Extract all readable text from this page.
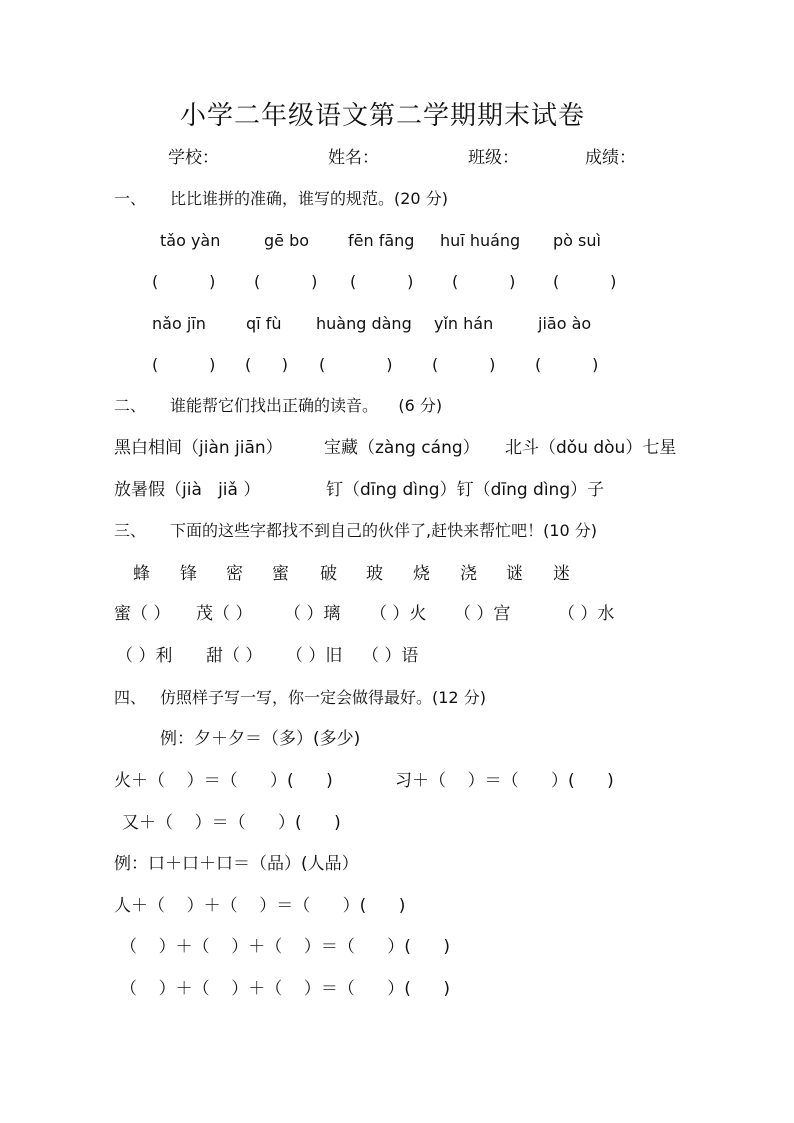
小学二年级语文第二学期期末试卷
学校：	姓名：	班级：	成绩：
一、 比比谁拼的准确，谁写的规范。(20 分)
tǎo yàn	gē bo fēn fāng huī huáng pò suì
(          ) (          ) (          ) (          ) (          )
nǎo jīn	qī fù huàng dàng yǐn hán	jiāo ào
(          ) (      ) (            ) (          ) (          )
二、 谁能帮它们找出正确的读音。    (6 分)
黑白相间（jiàn jiān） 宝藏（zàng cáng） 北斗（dǒu dòu）七星
放暑假（jià   jiǎ ）	钉（dīng dìng）钉（dīng dìng）子
三、 下面的这些字都找不到自己的伙伴了,赶快来帮忙吧！(10 分)
蜂 锋 密 蜜 破 玻 烧 浇 谜 迷
蜜（ ） 茂（ ） （ ）璃 （ ）火 （ ）宫	（ ）水
（ ）利 甜（ ） （ ）旧 （ ）语
四、 仿照样子写一写，你一定会做得最好。(12 分)
例：夕＋夕＝（多）(多少)
火＋（    ）＝（      ）(      )	习＋（    ）＝（      ）(      )
又＋（    ）＝（      ）(      )
例：口＋口＋口＝（品）(人品）
人＋（    ）＋（    ）＝（      ）(      )
（    ）＋（    ）＋（    ）＝（      ）(      )
（    ）＋（    ）＋（    ）＝（      ）(      )
